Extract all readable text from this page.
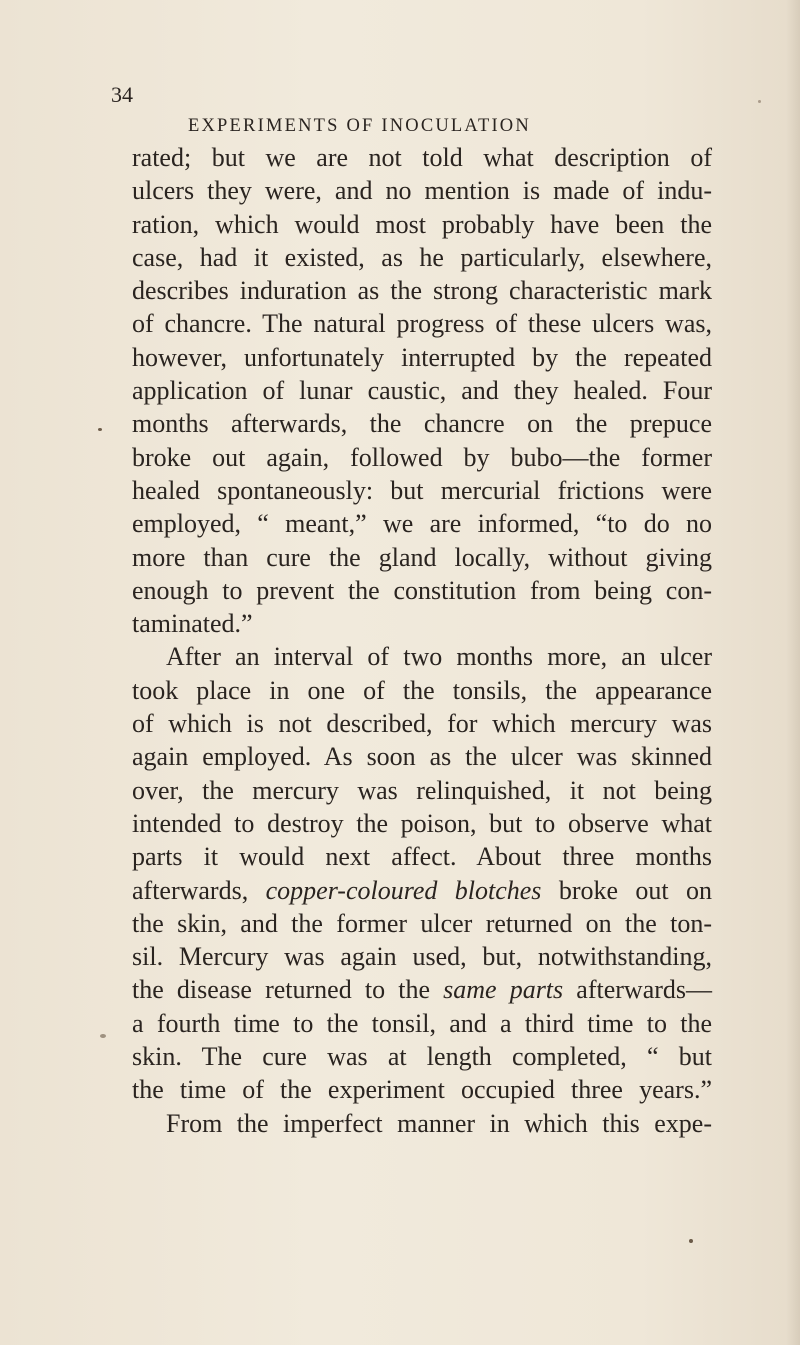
34
EXPERIMENTS OF INOCULATION
rated; but we are not told what description of
ulcers they were, and no mention is made of indu-
ration, which would most probably have been the
case, had it existed, as he particularly, elsewhere,
describes induration as the strong characteristic mark
of chancre. The natural progress of these ulcers was,
however, unfortunately interrupted by the repeated
application of lunar caustic, and they healed. Four
months afterwards, the chancre on the prepuce
broke out again, followed by bubo—the former
healed spontaneously: but mercurial frictions were
employed, “ meant,” we are informed, “to do no
more than cure the gland locally, without giving
enough to prevent the constitution from being con-
taminated.”
After an interval of two months more, an ulcer
took place in one of the tonsils, the appearance
of which is not described, for which mercury was
again employed. As soon as the ulcer was skinned
over, the mercury was relinquished, it not being
intended to destroy the poison, but to observe what
parts it would next affect. About three months
afterwards, copper-coloured blotches broke out on
the skin, and the former ulcer returned on the ton-
sil. Mercury was again used, but, notwithstanding,
the disease returned to the same parts afterwards—
a fourth time to the tonsil, and a third time to the
skin. The cure was at length completed, “ but
the time of the experiment occupied three years.”
From the imperfect manner in which this expe-
